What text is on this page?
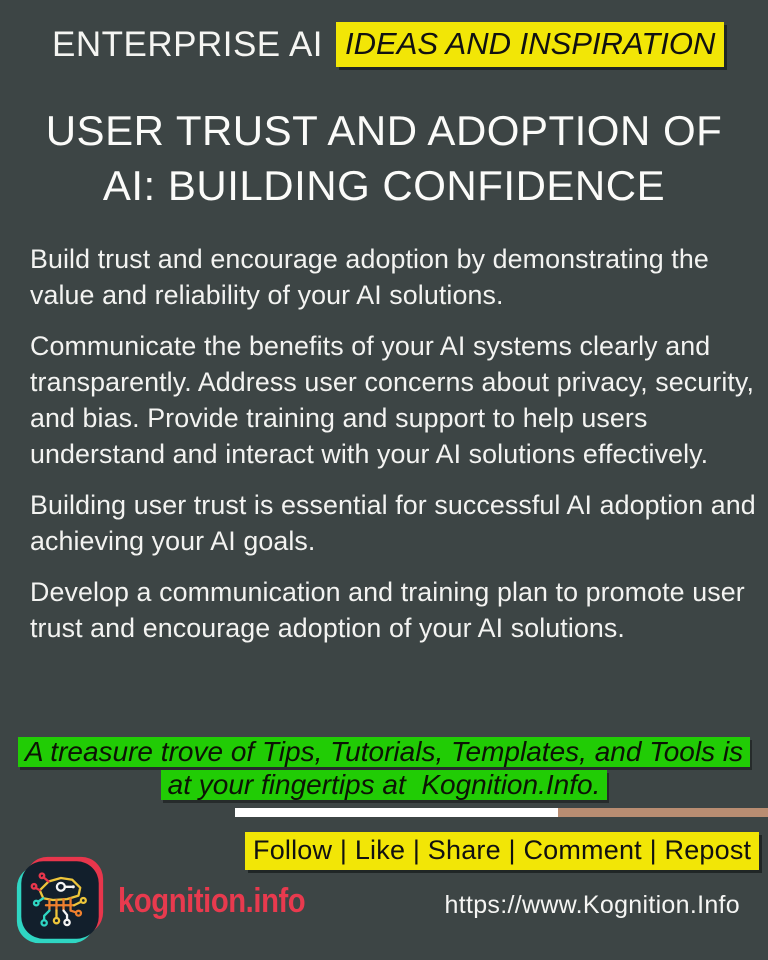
ENTERPRISE AI IDEAS AND INSPIRATION
USER TRUST AND ADOPTION OF
AI: BUILDING CONFIDENCE

Build trust and encourage adoption by demonstrating the value and reliability of your AI solutions.

Communicate the benefits of your AI systems clearly and transparently. Address user concerns about privacy, security, and bias. Provide training and support to help users understand and interact with your AI solutions effectively.

Building user trust is essential for successful AI adoption and achieving your AI goals.

Develop a communication and training plan to promote user trust and encourage adoption of your AI solutions.

A treasure trove of Tips, Tutorials, Templates, and Tools is
at your fingertips at  Kognition.Info.
Follow | Like | Share | Comment | Repost
kognition.info	https://www.Kognition.Info
